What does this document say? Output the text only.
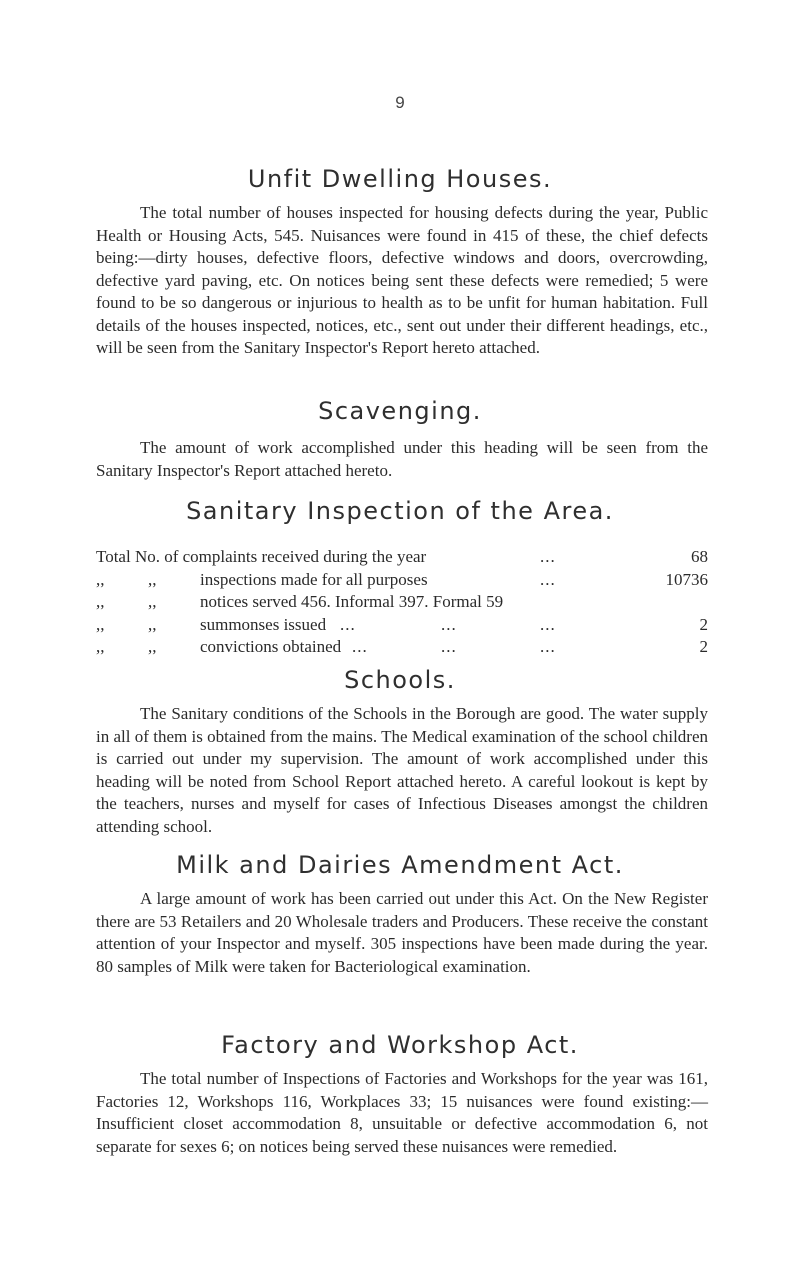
9
Unfit Dwelling Houses.

The total number of houses inspected for housing defects during the year, Public Health or Housing Acts, 545. Nuisances were found in 415 of these, the chief defects being:—dirty houses, defective floors, defective windows and doors, overcrowding, defective yard paving, etc. On notices being sent these defects were remedied; 5 were found to be so dangerous or injurious to health as to be unfit for human habitation. Full details of the houses inspected, notices, etc., sent out under their different headings, etc., will be seen from the Sanitary Inspector's Report hereto attached.

Scavenging.

The amount of work accomplished under this heading will be seen from the Sanitary Inspector's Report attached hereto.

Sanitary Inspection of the Area.
Total No. of complaints received during the year	...	68
,,	,,	inspections made for all purposes	...	10736
,,	,,	notices served 456. Informal 397. Formal 59
,,	,,	summonses issued ...	...	...	2
,,	,,	convictions obtained ...	...	...	2
Schools.

The Sanitary conditions of the Schools in the Borough are good. The water supply in all of them is obtained from the mains. The Medical examination of the school children is carried out under my supervision. The amount of work accomplished under this heading will be noted from School Report attached hereto. A careful lookout is kept by the teachers, nurses and myself for cases of Infectious Diseases amongst the children attending school.

Milk and Dairies Amendment Act.

A large amount of work has been carried out under this Act. On the New Register there are 53 Retailers and 20 Wholesale traders and Producers. These receive the constant attention of your Inspector and myself. 305 inspections have been made during the year. 80 samples of Milk were taken for Bacteriological examination.

Factory and Workshop Act.

The total number of Inspections of Factories and Workshops for the year was 161, Factories 12, Workshops 116, Workplaces 33; 15 nuisances were found existing:—Insufficient closet accommodation 8, unsuitable or defective accommodation 6, not separate for sexes 6; on notices being served these nuisances were remedied.
